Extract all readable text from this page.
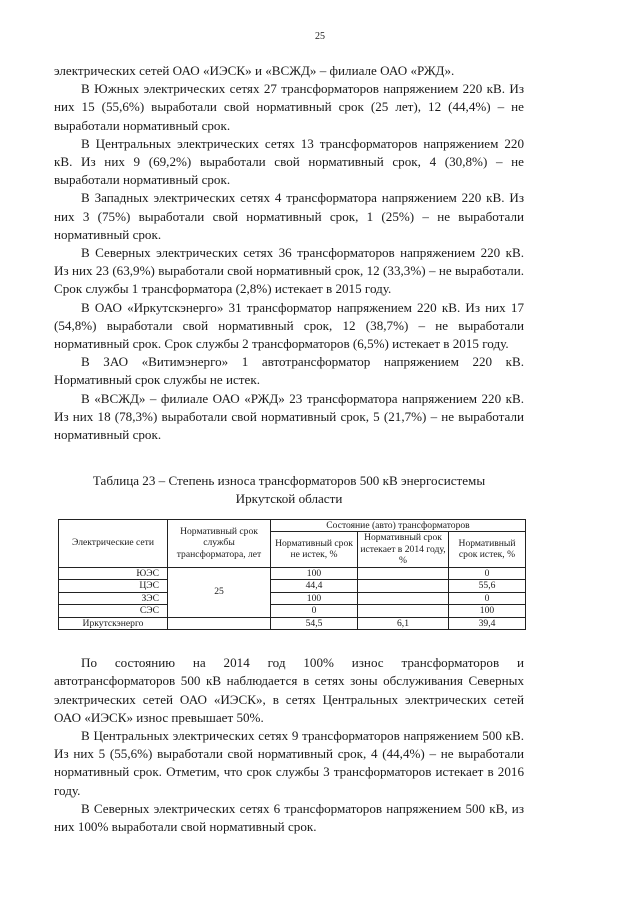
25

электрических сетей ОАО «ИЭСК» и «ВСЖД» – филиале ОАО «РЖД».

В Южных электрических сетях 27 трансформаторов напряжением 220 кВ. Из них 15 (55,6%) выработали свой нормативный срок (25 лет), 12 (44,4%) – не выработали нормативный срок.

В Центральных электрических сетях 13 трансформаторов напряжением 220 кВ. Из них 9 (69,2%) выработали свой нормативный срок, 4 (30,8%) – не выработали нормативный срок.

В Западных электрических сетях 4 трансформатора напряжением 220 кВ. Из них 3 (75%) выработали свой нормативный срок, 1 (25%) – не выработали нормативный срок.

В Северных электрических сетях 36 трансформаторов напряжением 220 кВ. Из них 23 (63,9%) выработали свой нормативный срок, 12 (33,3%) – не выработали. Срок службы 1 трансформатора (2,8%) истекает в 2015 году.

В ОАО «Иркутскэнерго» 31 трансформатор напряжением 220 кВ. Из них 17 (54,8%) выработали свой нормативный срок, 12 (38,7%) – не выработали нормативный срок. Срок службы 2 трансформаторов (6,5%) истекает в 2015 году.

В ЗАО «Витимэнерго» 1 автотрансформатор напряжением 220 кВ. Нормативный срок службы не истек.

В «ВСЖД» – филиале ОАО «РЖД» 23 трансформатора напряжением 220 кВ. Из них 18 (78,3%) выработали свой нормативный срок, 5 (21,7%) – не выработали нормативный срок.

Таблица 23 – Степень износа трансформаторов 500 кВ энергосистемы
Иркутской области
Электрические сети	Нормативный срок службы трансформатора, лет	Состояние (авто) трансформаторов		
		Нормативный срок не истек, %	Нормативный срок истекает в 2014 году, %	Нормативный срок истек, %
ЮЭС	25	100		0
ЦЭС		44,4		55,6
ЗЭС		100		0
СЭС		0		100
Иркутскэнерго		54,5	6,1	39,4

По состоянию на 2014 год 100% износ трансформаторов и автотрансформаторов 500 кВ наблюдается в сетях зоны обслуживания Северных электрических сетей ОАО «ИЭСК», в сетях Центральных электрических сетей ОАО «ИЭСК» износ превышает 50%.

В Центральных электрических сетях 9 трансформаторов напряжением 500 кВ. Из них 5 (55,6%) выработали свой нормативный срок, 4 (44,4%) – не выработали нормативный срок. Отметим, что срок службы 3 трансформаторов истекает в 2016 году.

В Северных электрических сетях 6 трансформаторов напряжением 500 кВ, из них 100% выработали свой нормативный срок.
